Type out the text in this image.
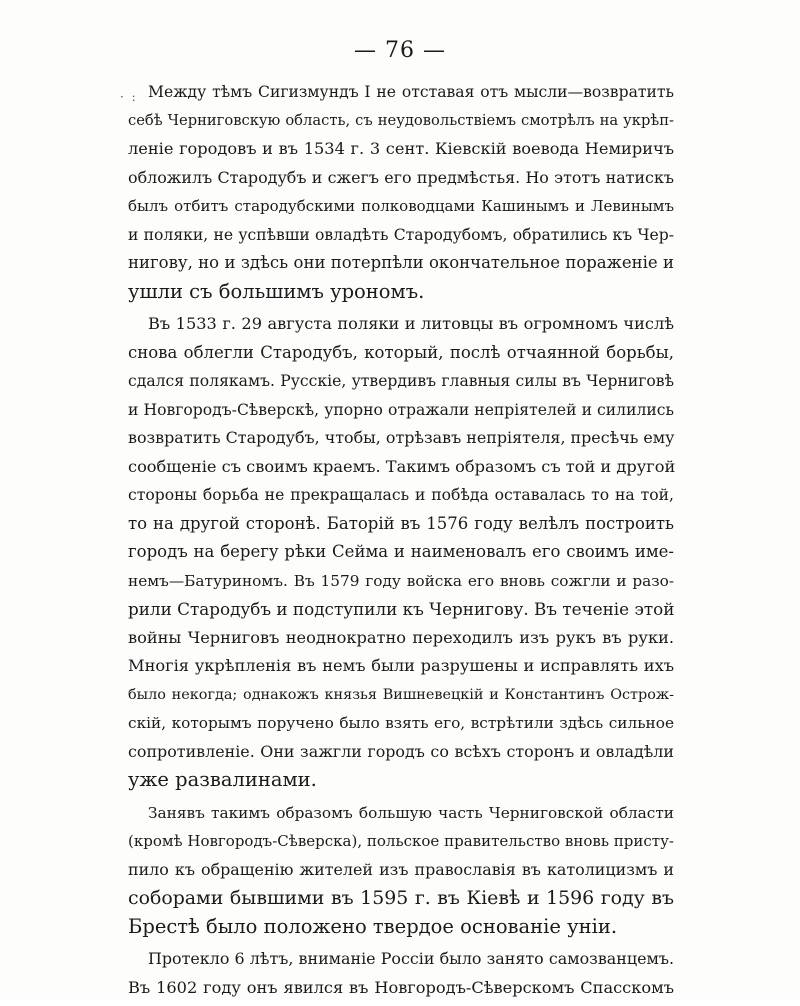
— 76 —
· : Между тѣмъ Сигизмундъ I не отставая отъ мысли—возвратить
себѣ Черниговскую область, съ неудовольствіемъ смотрѣлъ на укрѣп-
леніе городовъ и въ 1534 г. 3 сент. Кіевскій воевода Немиричъ
обложилъ Стародубъ и сжегъ его предмѣстья. Но этотъ натискъ
былъ отбитъ стародубскими полководцами Кашинымъ и Левинымъ
и поляки, не успѣвши овладѣть Стародубомъ, обратились къ Чер-
нигову, но и здѣсь они потерпѣли окончательное пораженіе и
ушли съ большимъ урономъ.
Въ 1533 г. 29 августа поляки и литовцы въ огромномъ числѣ
снова облегли Стародубъ, который, послѣ отчаянной борьбы,
сдался полякамъ. Русскіе, утвердивъ главныя силы въ Черниговѣ
и Новгородъ-Сѣверскѣ, упорно отражали непріятелей и силились
возвратить Стародубъ, чтобы, отрѣзавъ непріятеля, пресѣчь ему
сообщеніе съ своимъ краемъ. Такимъ образомъ съ той и другой
стороны борьба не прекращалась и побѣда оставалась то на той,
то на другой сторонѣ. Баторій въ 1576 году велѣлъ построить
городъ на берегу рѣки Сейма и наименовалъ его своимъ име-
немъ—Батуриномъ. Въ 1579 году войска его вновь сожгли и разо-
рили Стародубъ и подступили къ Чернигову. Въ теченіе этой
войны Черниговъ неоднократно переходилъ изъ рукъ въ руки.
Многія укрѣпленія въ немъ были разрушены и исправлять ихъ
было некогда; однакожъ князья Вишневецкій и Константинъ Острож-
скій, которымъ поручено было взять его, встрѣтили здѣсь сильное
сопротивленіе. Они зажгли городъ со всѣхъ сторонъ и овладѣли
уже развалинами.
Занявъ такимъ образомъ большую часть Черниговской области
(кромѣ Новгородъ-Сѣверска), польское правительство вновь присту-
пило къ обращенію жителей изъ православія въ католицизмъ и
соборами бывшими въ 1595 г. въ Кіевѣ и 1596 году въ
Брестѣ было положено твердое основаніе уніи.
Протекло 6 лѣтъ, вниманіе Россіи было занято самозванцемъ.
Въ 1602 году онъ явился въ Новгородъ-Сѣверскомъ Спасскомъ
